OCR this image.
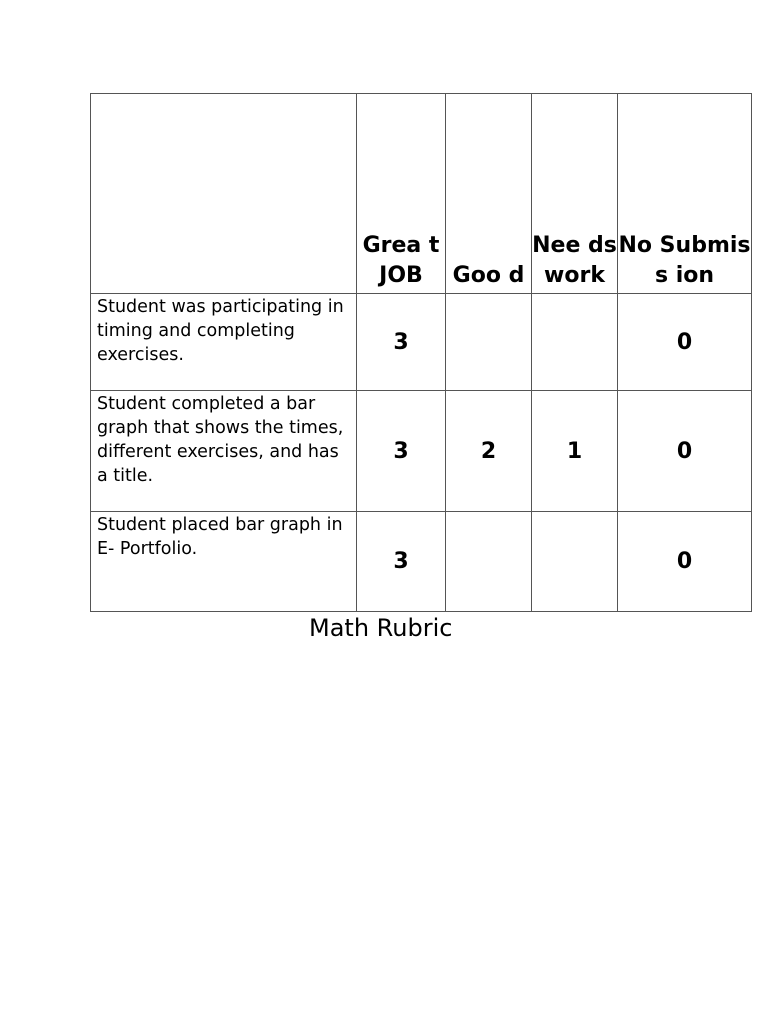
	Grea t JOB	Goo d	Nee ds work	No Submiss ion

Student was participating in timing and completing exercises.	3			0
Student completed a bar graph that shows the times, different exercises, and has a title.	3	2	1	0
Student placed bar graph in E- Portfolio.	3			0
Math Rubric
